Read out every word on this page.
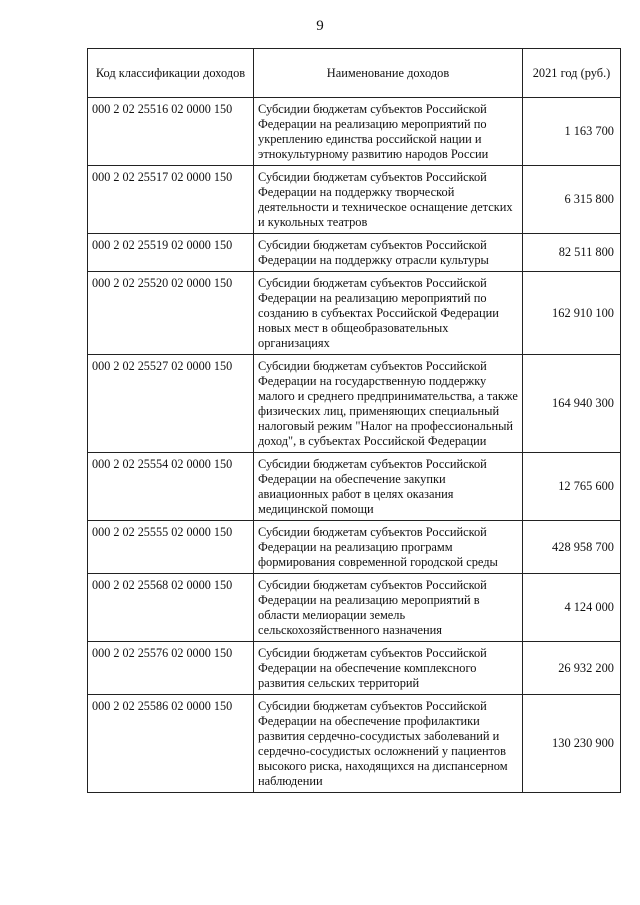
9
Код классификации доходов	Наименование доходов	2021 год (руб.)
000 2 02 25516 02 0000 150	Субсидии бюджетам субъектов Российской Федерации на реализацию мероприятий по укреплению единства российской нации и этнокультурному развитию народов России	1 163 700
000 2 02 25517 02 0000 150	Субсидии бюджетам субъектов Российской Федерации на поддержку творческой деятельности и техническое оснащение детских и кукольных театров	6 315 800
000 2 02 25519 02 0000 150	Субсидии бюджетам субъектов Российской Федерации на поддержку отрасли культуры	82 511 800
000 2 02 25520 02 0000 150	Субсидии бюджетам субъектов Российской Федерации на реализацию мероприятий по созданию в субъектах Российской Федерации новых мест в общеобразовательных организациях	162 910 100
000 2 02 25527 02 0000 150	Субсидии бюджетам субъектов Российской Федерации на государственную поддержку малого и среднего предпринимательства, а также физических лиц, применяющих специальный налоговый режим "Налог на профессиональный доход", в субъектах Российской Федерации	164 940 300
000 2 02 25554 02 0000 150	Субсидии бюджетам субъектов Российской Федерации на обеспечение закупки авиационных работ в целях оказания медицинской помощи	12 765 600
000 2 02 25555 02 0000 150	Субсидии бюджетам субъектов Российской Федерации на реализацию программ формирования современной городской среды	428 958 700
000 2 02 25568 02 0000 150	Субсидии бюджетам субъектов Российской Федерации на реализацию мероприятий в области мелиорации земель сельскохозяйственного назначения	4 124 000
000 2 02 25576 02 0000 150	Субсидии бюджетам субъектов Российской Федерации на обеспечение комплексного развития сельских территорий	26 932 200
000 2 02 25586 02 0000 150	Субсидии бюджетам субъектов Российской Федерации на обеспечение профилактики развития сердечно-сосудистых заболеваний и сердечно-сосудистых осложнений у пациентов высокого риска, находящихся на диспансерном наблюдении	130 230 900
